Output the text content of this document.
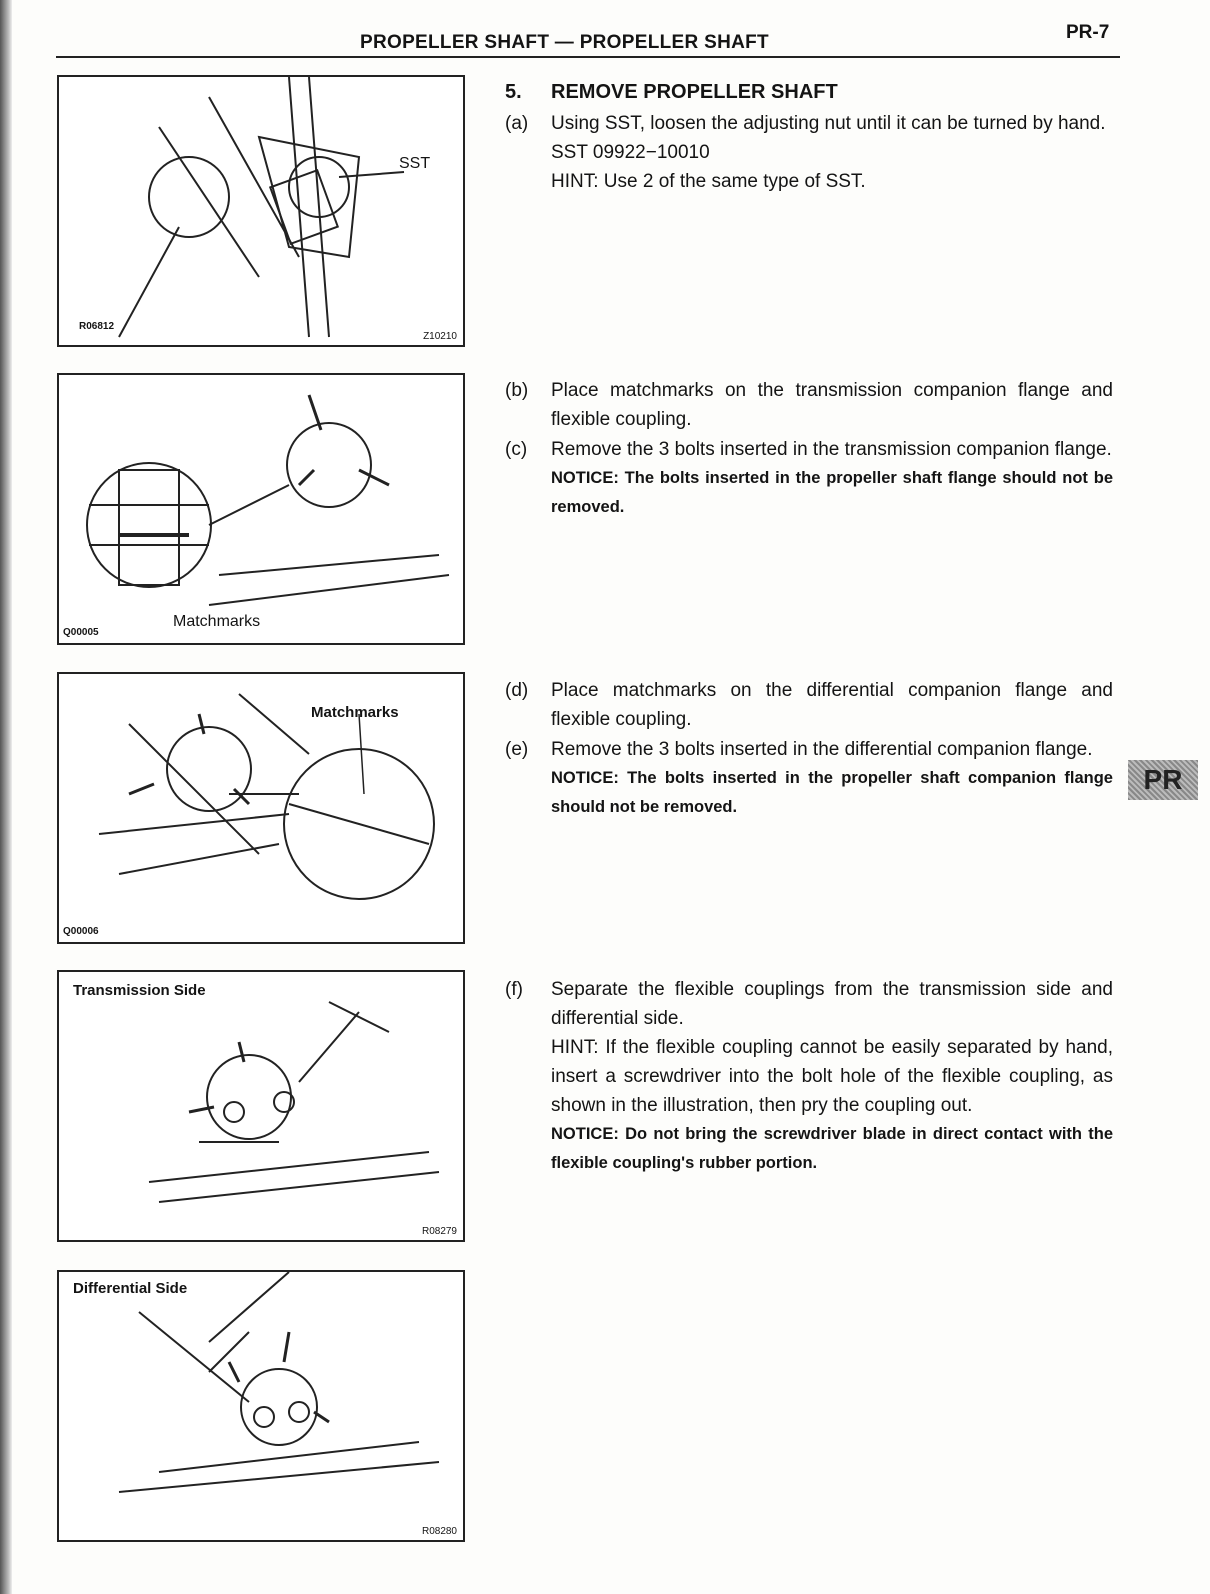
PROPELLER SHAFT — PROPELLER SHAFT	PR-7
SST
R06812
Z10210
Matchmarks
Q00005
Matchmarks
Q00006
Transmission Side
R08279
Differential Side
R08280
5.	REMOVE PROPELLER SHAFT
(a)	Using SST, loosen the adjusting nut until it can be turned by hand.
SST 09922−10010
HINT: Use 2 of the same type of SST.
(b)	Place matchmarks on the transmission companion flange and flexible coupling.
(c)	Remove the 3 bolts inserted in the transmission companion flange.
NOTICE: The bolts inserted in the propeller shaft flange should not be removed.
(d)	Place matchmarks on the differential companion flange and flexible coupling.
(e)	Remove the 3 bolts inserted in the differential companion flange.
NOTICE: The bolts inserted in the propeller shaft companion flange should not be removed.
(f)	Separate the flexible couplings from the transmission side and differential side.
HINT: If the flexible coupling cannot be easily separated by hand, insert a screwdriver into the bolt hole of the flexible coupling, as shown in the illustration, then pry the coupling out.
NOTICE: Do not bring the screwdriver blade in direct contact with the flexible coupling's rubber portion.
PR
